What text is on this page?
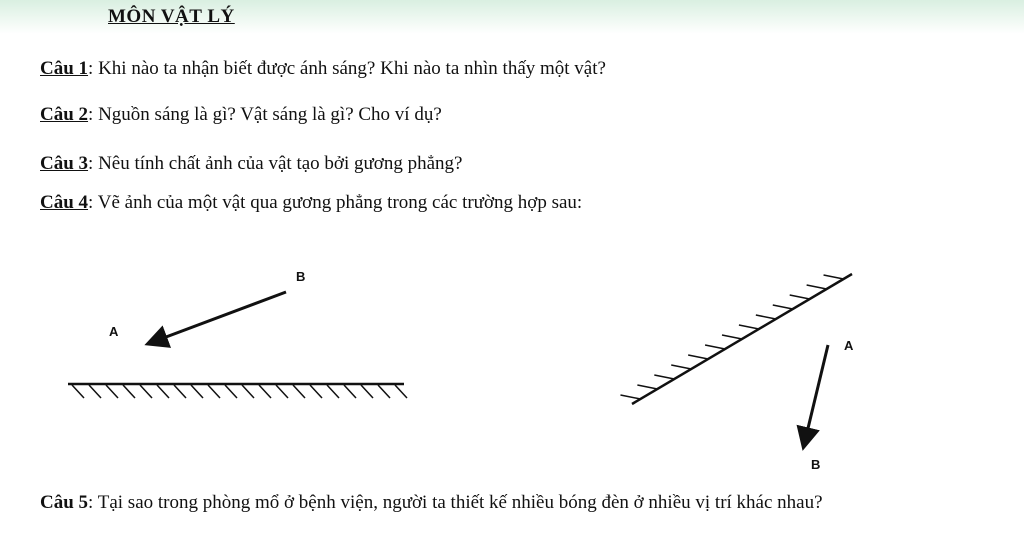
MÔN VẬT LÝ
Câu 1: Khi nào ta nhận biết được ánh sáng? Khi nào ta nhìn thấy một vật?
Câu 2: Nguồn sáng là gì? Vật sáng là gì? Cho ví dụ?
Câu 3: Nêu tính chất ảnh của vật tạo bởi gương phẳng?
Câu 4: Vẽ ảnh của một vật qua gương phẳng trong các trường hợp sau:
B
A
A
B
Câu 5: Tại sao trong phòng mổ ở bệnh viện, người ta thiết kế nhiều bóng đèn ở nhiều vị trí khác nhau?
